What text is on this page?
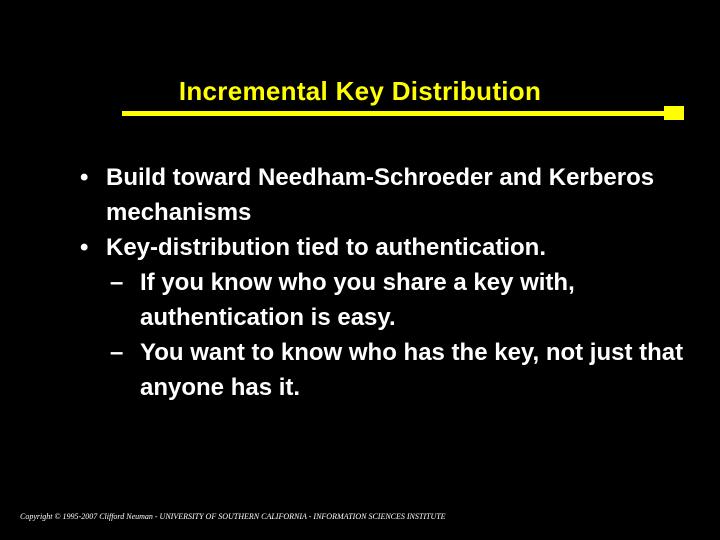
Incremental Key Distribution
• Build toward Needham-Schroeder and Kerberos mechanisms
• Key-distribution tied to authentication.
– If you know who you share a key with, authentication is easy.
– You want to know who has the key, not just that anyone has it.
Copyright © 1995-2007 Clifford Neuman - UNIVERSITY OF SOUTHERN CALIFORNIA - INFORMATION SCIENCES INSTITUTE
